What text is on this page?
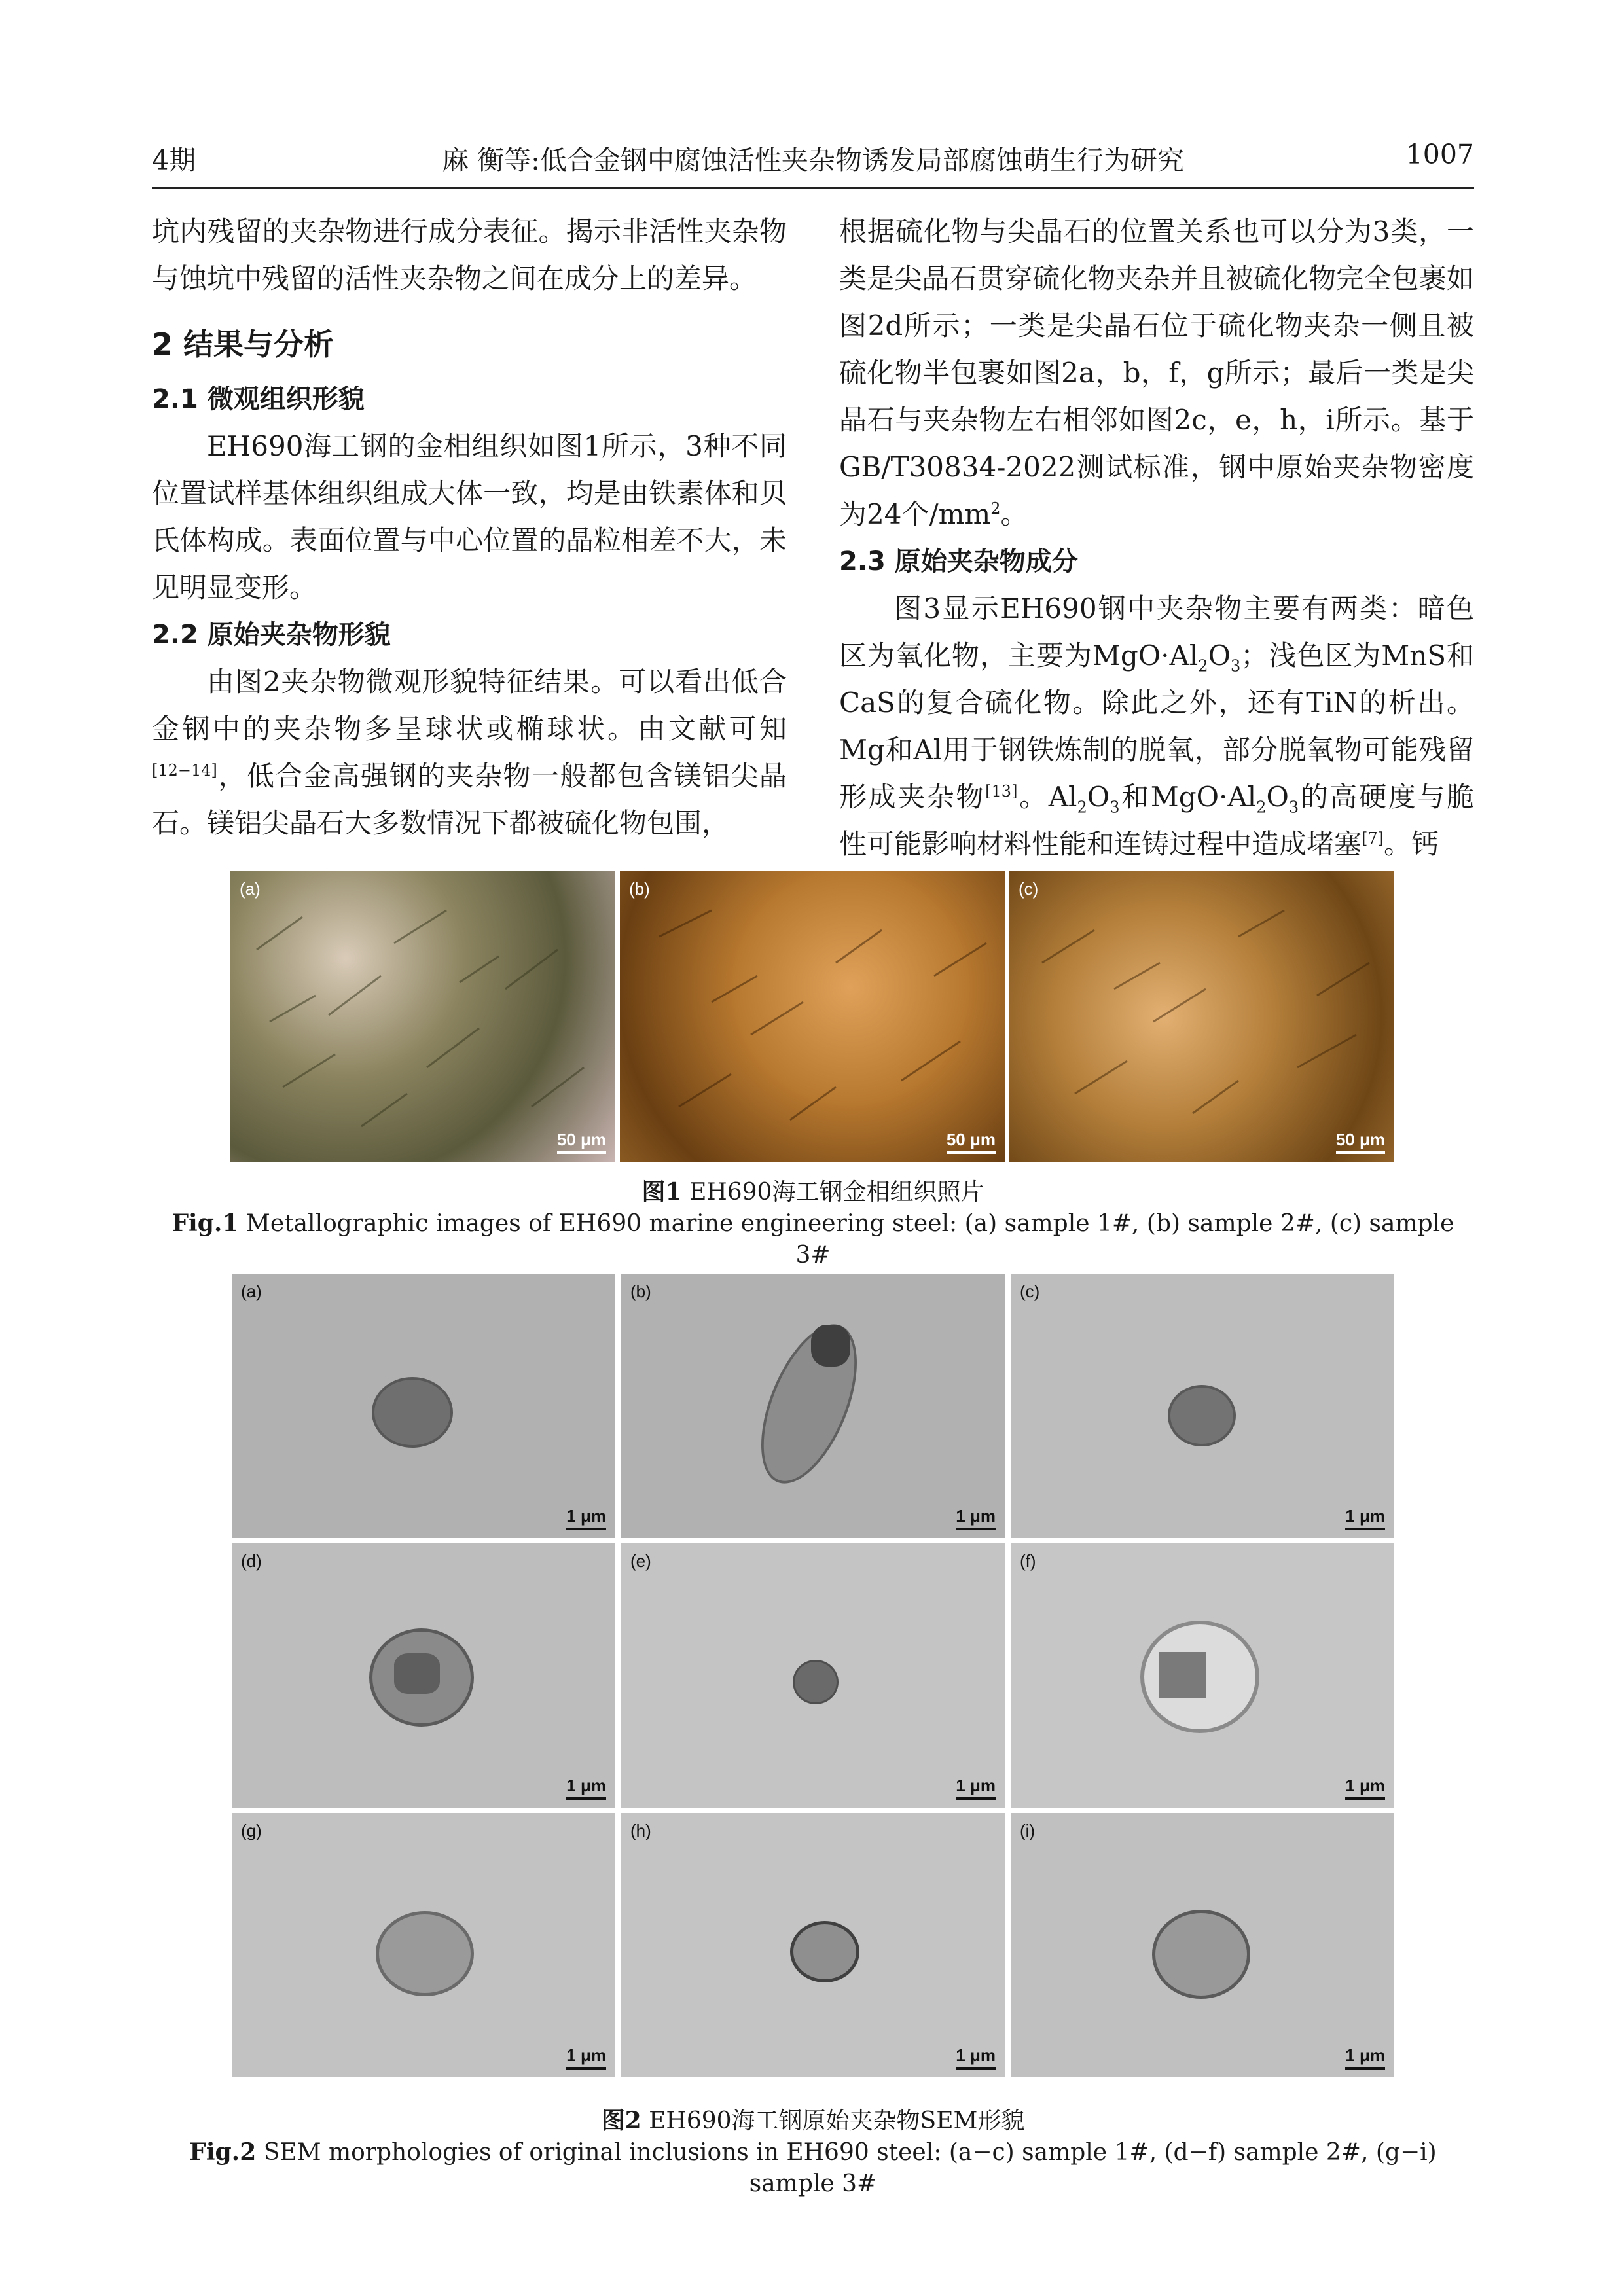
4期	麻 衡等:低合金钢中腐蚀活性夹杂物诱发局部腐蚀萌生行为研究	1007

坑内残留的夹杂物进行成分表征。揭示非活性夹杂物与蚀坑中残留的活性夹杂物之间在成分上的差异。

2 结果与分析
2.1 微观组织形貌

EH690海工钢的金相组织如图1所示，3种不同位置试样基体组织组成大体一致，均是由铁素体和贝氏体构成。表面位置与中心位置的晶粒相差不大，未见明显变形。

2.2 原始夹杂物形貌

由图2夹杂物微观形貌特征结果。可以看出低合金钢中的夹杂物多呈球状或椭球状。由文献可知[12−14]，低合金高强钢的夹杂物一般都包含镁铝尖晶石。镁铝尖晶石大多数情况下都被硫化物包围，

根据硫化物与尖晶石的位置关系也可以分为3类，一类是尖晶石贯穿硫化物夹杂并且被硫化物完全包裹如图2d所示；一类是尖晶石位于硫化物夹杂一侧且被硫化物半包裹如图2a，b，f，g所示；最后一类是尖晶石与夹杂物左右相邻如图2c，e，h，i所示。基于GB/T30834-2022测试标准，钢中原始夹杂物密度为24个$/mm^2$。

2.3 原始夹杂物成分

图3显示EH690钢中夹杂物主要有两类：暗色区为氧化物，主要为$MgO\cdot Al_2O_3$；浅色区为MnS和CaS的复合硫化物。除此之外，还有TiN的析出。Mg和Al用于钢铁炼制的脱氧，部分脱氧物可能残留形成夹杂物[13]。$Al_2O_3$和$MgO\cdot Al_2O_3$的高硬度与脆性可能影响材料性能和连铸过程中造成堵塞[7]。钙

(a)
50 μm
(b)
50 μm
(c)
50 μm
图1 EH690海工钢金相组织照片
Fig.1 Metallographic images of EH690 marine engineering steel: (a) sample 1#, (b) sample 2#, (c) sample 3#
(a)
1 μm
(b)
1 μm
(c)
1 μm
(d)
1 μm
(e)
1 μm
(f)
1 μm
(g)
1 μm
(h)
1 μm
(i)
1 μm
图2 EH690海工钢原始夹杂物SEM形貌
Fig.2 SEM morphologies of original inclusions in EH690 steel: (a−c) sample 1#, (d−f) sample 2#, (g−i) sample 3#
